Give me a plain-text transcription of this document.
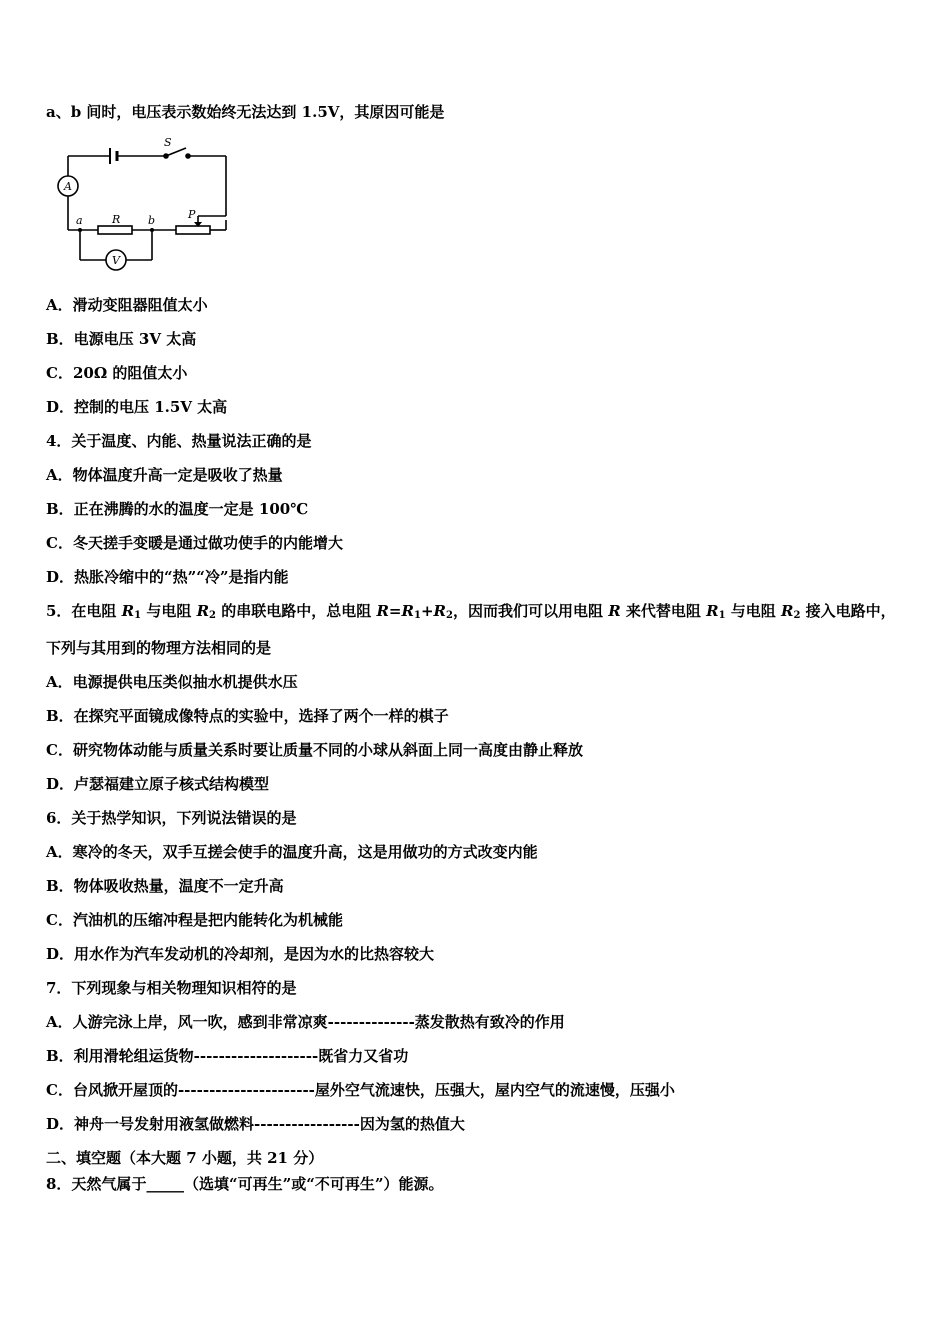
a、b 间时，电压表示数始终无法达到 1.5V，其原因可能是
S
A
a	R	b	P
V
A．滑动变阻器阻值太小
B．电源电压 3V 太高
C．20Ω 的阻值太小
D．控制的电压 1.5V 太高
4．关于温度、内能、热量说法正确的是
A．物体温度升高一定是吸收了热量
B．正在沸腾的水的温度一定是 100℃
C．冬天搓手变暖是通过做功使手的内能增大
D．热胀冷缩中的“热”“冷”是指内能
5．在电阻 $R_1$ 与电阻 $R_2$ 的串联电路中，总电阻 $R=R_1+R_2$，因而我们可以用电阻 R 来代替电阻 $R_1$ 与电阻 $R_2$ 接入电路中，
下列与其用到的物理方法相同的是
A．电源提供电压类似抽水机提供水压
B．在探究平面镜成像特点的实验中，选择了两个一样的棋子
C．研究物体动能与质量关系时要让质量不同的小球从斜面上同一高度由静止释放
D．卢瑟福建立原子核式结构模型
6．关于热学知识，下列说法错误的是
A．寒冷的冬天，双手互搓会使手的温度升高，这是用做功的方式改变内能
B．物体吸收热量，温度不一定升高
C．汽油机的压缩冲程是把内能转化为机械能
D．用水作为汽车发动机的冷却剂，是因为水的比热容较大
7．下列现象与相关物理知识相符的是
A．人游完泳上岸，风一吹，感到非常凉爽--------------蒸发散热有致冷的作用
B．利用滑轮组运货物--------------------既省力又省功
C．台风掀开屋顶的----------------------屋外空气流速快，压强大，屋内空气的流速慢，压强小
D．神舟一号发射用液氢做燃料-----------------因为氢的热值大
二、填空题（本大题 7 小题，共 21 分）
8．天然气属于_____（选填“可再生”或“不可再生”）能源。
